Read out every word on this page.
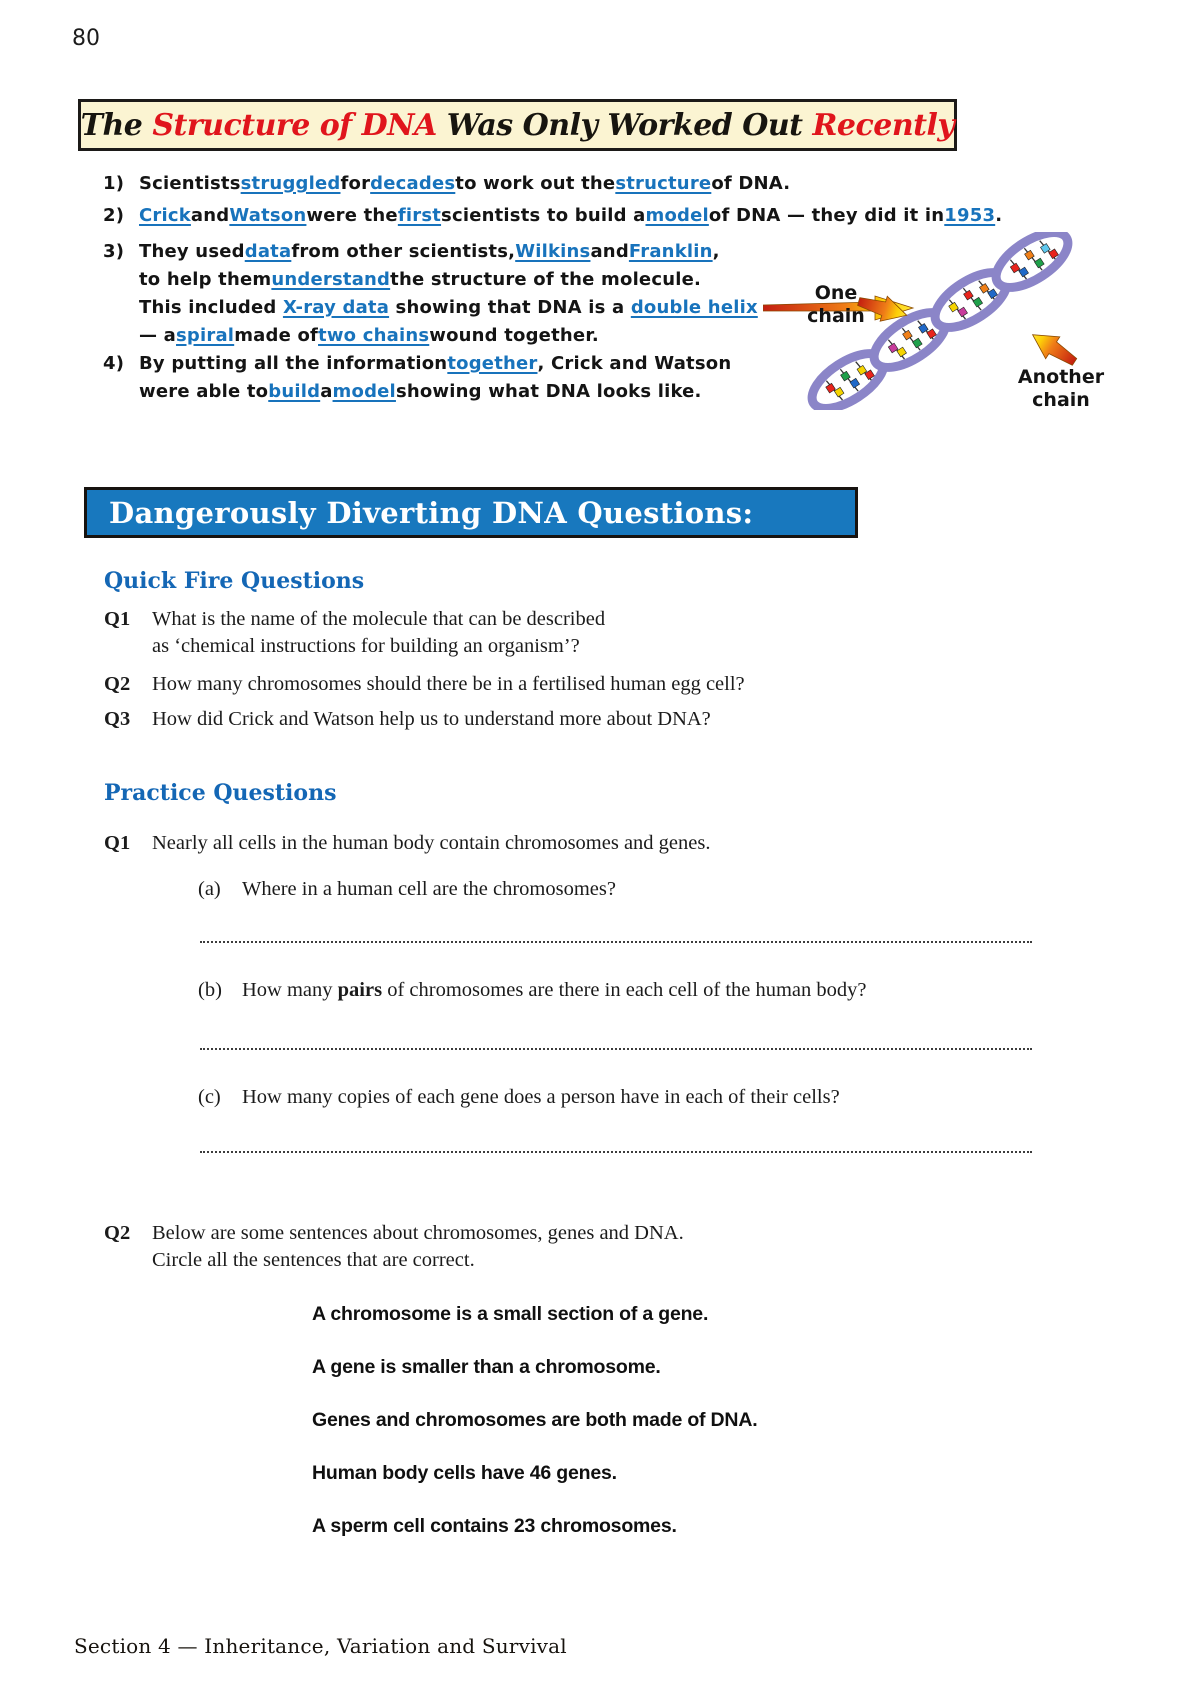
80
The Structure of DNA Was Only Worked Out Recently
1) Scientists struggled for decades to work out the structure of DNA.
2) Crick and Watson were the first scientists to build a model of DNA — they did it in 1953 .
3) They used data from other scientists, Wilkins and Franklin ,
to help them understand the structure of the molecule.
This included X-ray data showing that DNA is a double helix
— a spiral made of two chains wound together.
4) By putting all the information together , Crick and Watson
were able to build a model showing what DNA looks like.
One
chain
Another
chain
Dangerously Diverting DNA Questions:
Quick Fire Questions
Q1	What is the name of the molecule that can be described
as ‘chemical instructions for building an organism’?
Q2	How many chromosomes should there be in a fertilised human egg cell?
Q3	How did Crick and Watson help us to understand more about DNA?
Practice Questions
Q1	Nearly all cells in the human body contain chromosomes and genes.
(a)	Where in a human cell are the chromosomes?
(b) How many pairs of chromosomes are there in each cell of the human body?
(c)	How many copies of each gene does a person have in each of their cells?
Q2	Below are some sentences about chromosomes, genes and DNA.
Circle all the sentences that are correct.
A chromosome is a small section of a gene.
A gene is smaller than a chromosome.
Genes and chromosomes are both made of DNA.
Human body cells have 46 genes.
A sperm cell contains 23 chromosomes.
Section 4 — Inheritance, Variation and Survival
